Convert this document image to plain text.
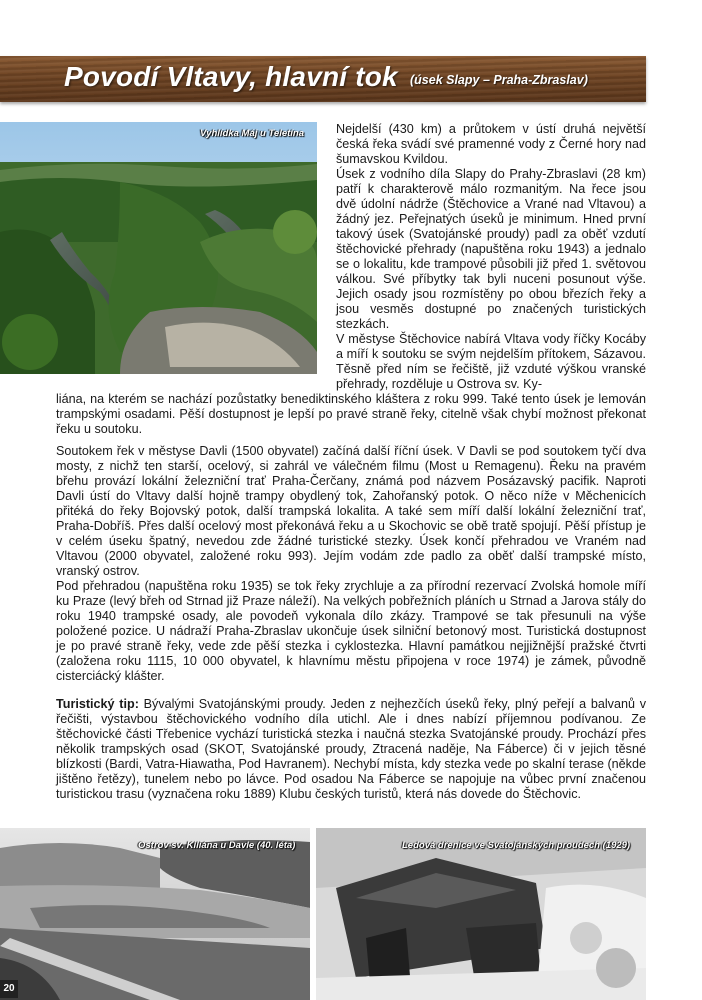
Povodí Vltavy, hlavní tok (úsek Slapy – Praha-Zbraslav)
Vyhlídka Máj u Teletína	Nejdelší (430 km) a průtokem v ústí druhá největší česká řeka svádí své pramenné vody z Černé hory nad šumavskou Kvildou.

Úsek z vodního díla Slapy do Prahy-Zbraslavi (28 km) patří k charakterově málo rozmanitým. Na řece jsou dvě údolní nádrže (Štěchovice a Vrané nad Vltavou) a žádný jez. Peřejnatých úseků je minimum. Hned první takový úsek (Svatojánské proudy) padl za oběť vzdutí štěchovické přehrady (napuštěna roku 1943) a jednalo se o lokalitu, kde trampové působili již před 1. světovou válkou. Své příbytky tak byli nuceni posunout výše. Jejich osady jsou rozmístěny po obou březích řeky a jsou vesměs dostupné po značených turistických stezkách.

V městyse Štěchovice nabírá Vltava vody říčky Kocáby a míří k soutoku se svým nejdelším přítokem, Sázavou. Těsně před ním se řečiště, již vzduté výškou vranské přehrady, rozděluje u Ostrova sv. Ky-

liána, na kterém se nachází pozůstatky benediktinského kláštera z roku 999. Také tento úsek je lemován trampskými osadami. Pěší dostupnost je lepší po pravé straně řeky, citelně však chybí možnost překonat řeku u soutoku.
Soutokem řek v městyse Davli (1500 obyvatel) začíná další říční úsek. V Davli se pod soutokem tyčí dva mosty, z nichž ten starší, ocelový, si zahrál ve válečném filmu (Most u Remagenu). Řeku na pravém břehu provází lokální železniční trať Praha-Čerčany, známá pod názvem Posázavský pacifik. Naproti Davli ústí do Vltavy další hojně trampy obydlený tok, Zahořanský potok. O něco níže v Měchenicích přitéká do řeky Bojovský potok, další trampská lokalita. A také sem míří další lokální železniční trať, Praha-Dobříš. Přes další ocelový most překonává řeku a u Skochovic se obě tratě spojují. Pěší přístup je v celém úseku špatný, nevedou zde žádné turistické stezky. Úsek končí přehradou ve Vraném nad Vltavou (2000 obyvatel, založené roku 993). Jejím vodám zde padlo za oběť další trampské místo, vranský ostrov.
Pod přehradou (napuštěna roku 1935) se tok řeky zrychluje a za přírodní rezervací Zvolská homole míří ku Praze (levý břeh od Strnad již Praze náleží). Na velkých pobřežních pláních u Strnad a Jarova stály do roku 1940 trampské osady, ale povodeň vykonala dílo zkázy. Trampové se tak přesunuli na výše položené pozice. U nádraží Praha-Zbraslav ukončuje úsek silniční betonový most. Turistická dostupnost je po pravé straně řeky, vede zde pěší stezka i cyklostezka. Hlavní památkou nejjižnější pražské čtvrti (založena roku 1115, 10 000 obyvatel, k hlavnímu městu připojena v roce 1974) je zámek, původně cisterciácký klášter.
Turistický tip: Bývalými Svatojánskými proudy. Jeden z nejhezčích úseků řeky, plný peřejí a balvanů v řečišti, výstavbou štěchovického vodního díla utichl. Ale i dnes nabízí příjemnou podívanou. Ze štěchovické části Třebenice vychází turistická stezka i naučná stezka Svatojánské proudy. Prochází přes několik trampských osad (SKOT, Svatojánské proudy, Ztracená naděje, Na Fáberce) či v jejich těsné blízkosti (Bardi, Vatra-Hiawatha, Pod Havranem). Nechybí místa, kdy stezka vede po skalní terase (někde jištěno řetězy), tunelem nebo po lávce. Pod osadou Na Fáberce se napojuje na vůbec první značenou turistickou trasu (vyznačena roku 1889) Klubu českých turistů, která nás dovede do Štěchovic.
Ostrov sv. Kiliána u Davle (40. léta)	Ledová dřenice ve Svatojánských proudech (1929)
20
